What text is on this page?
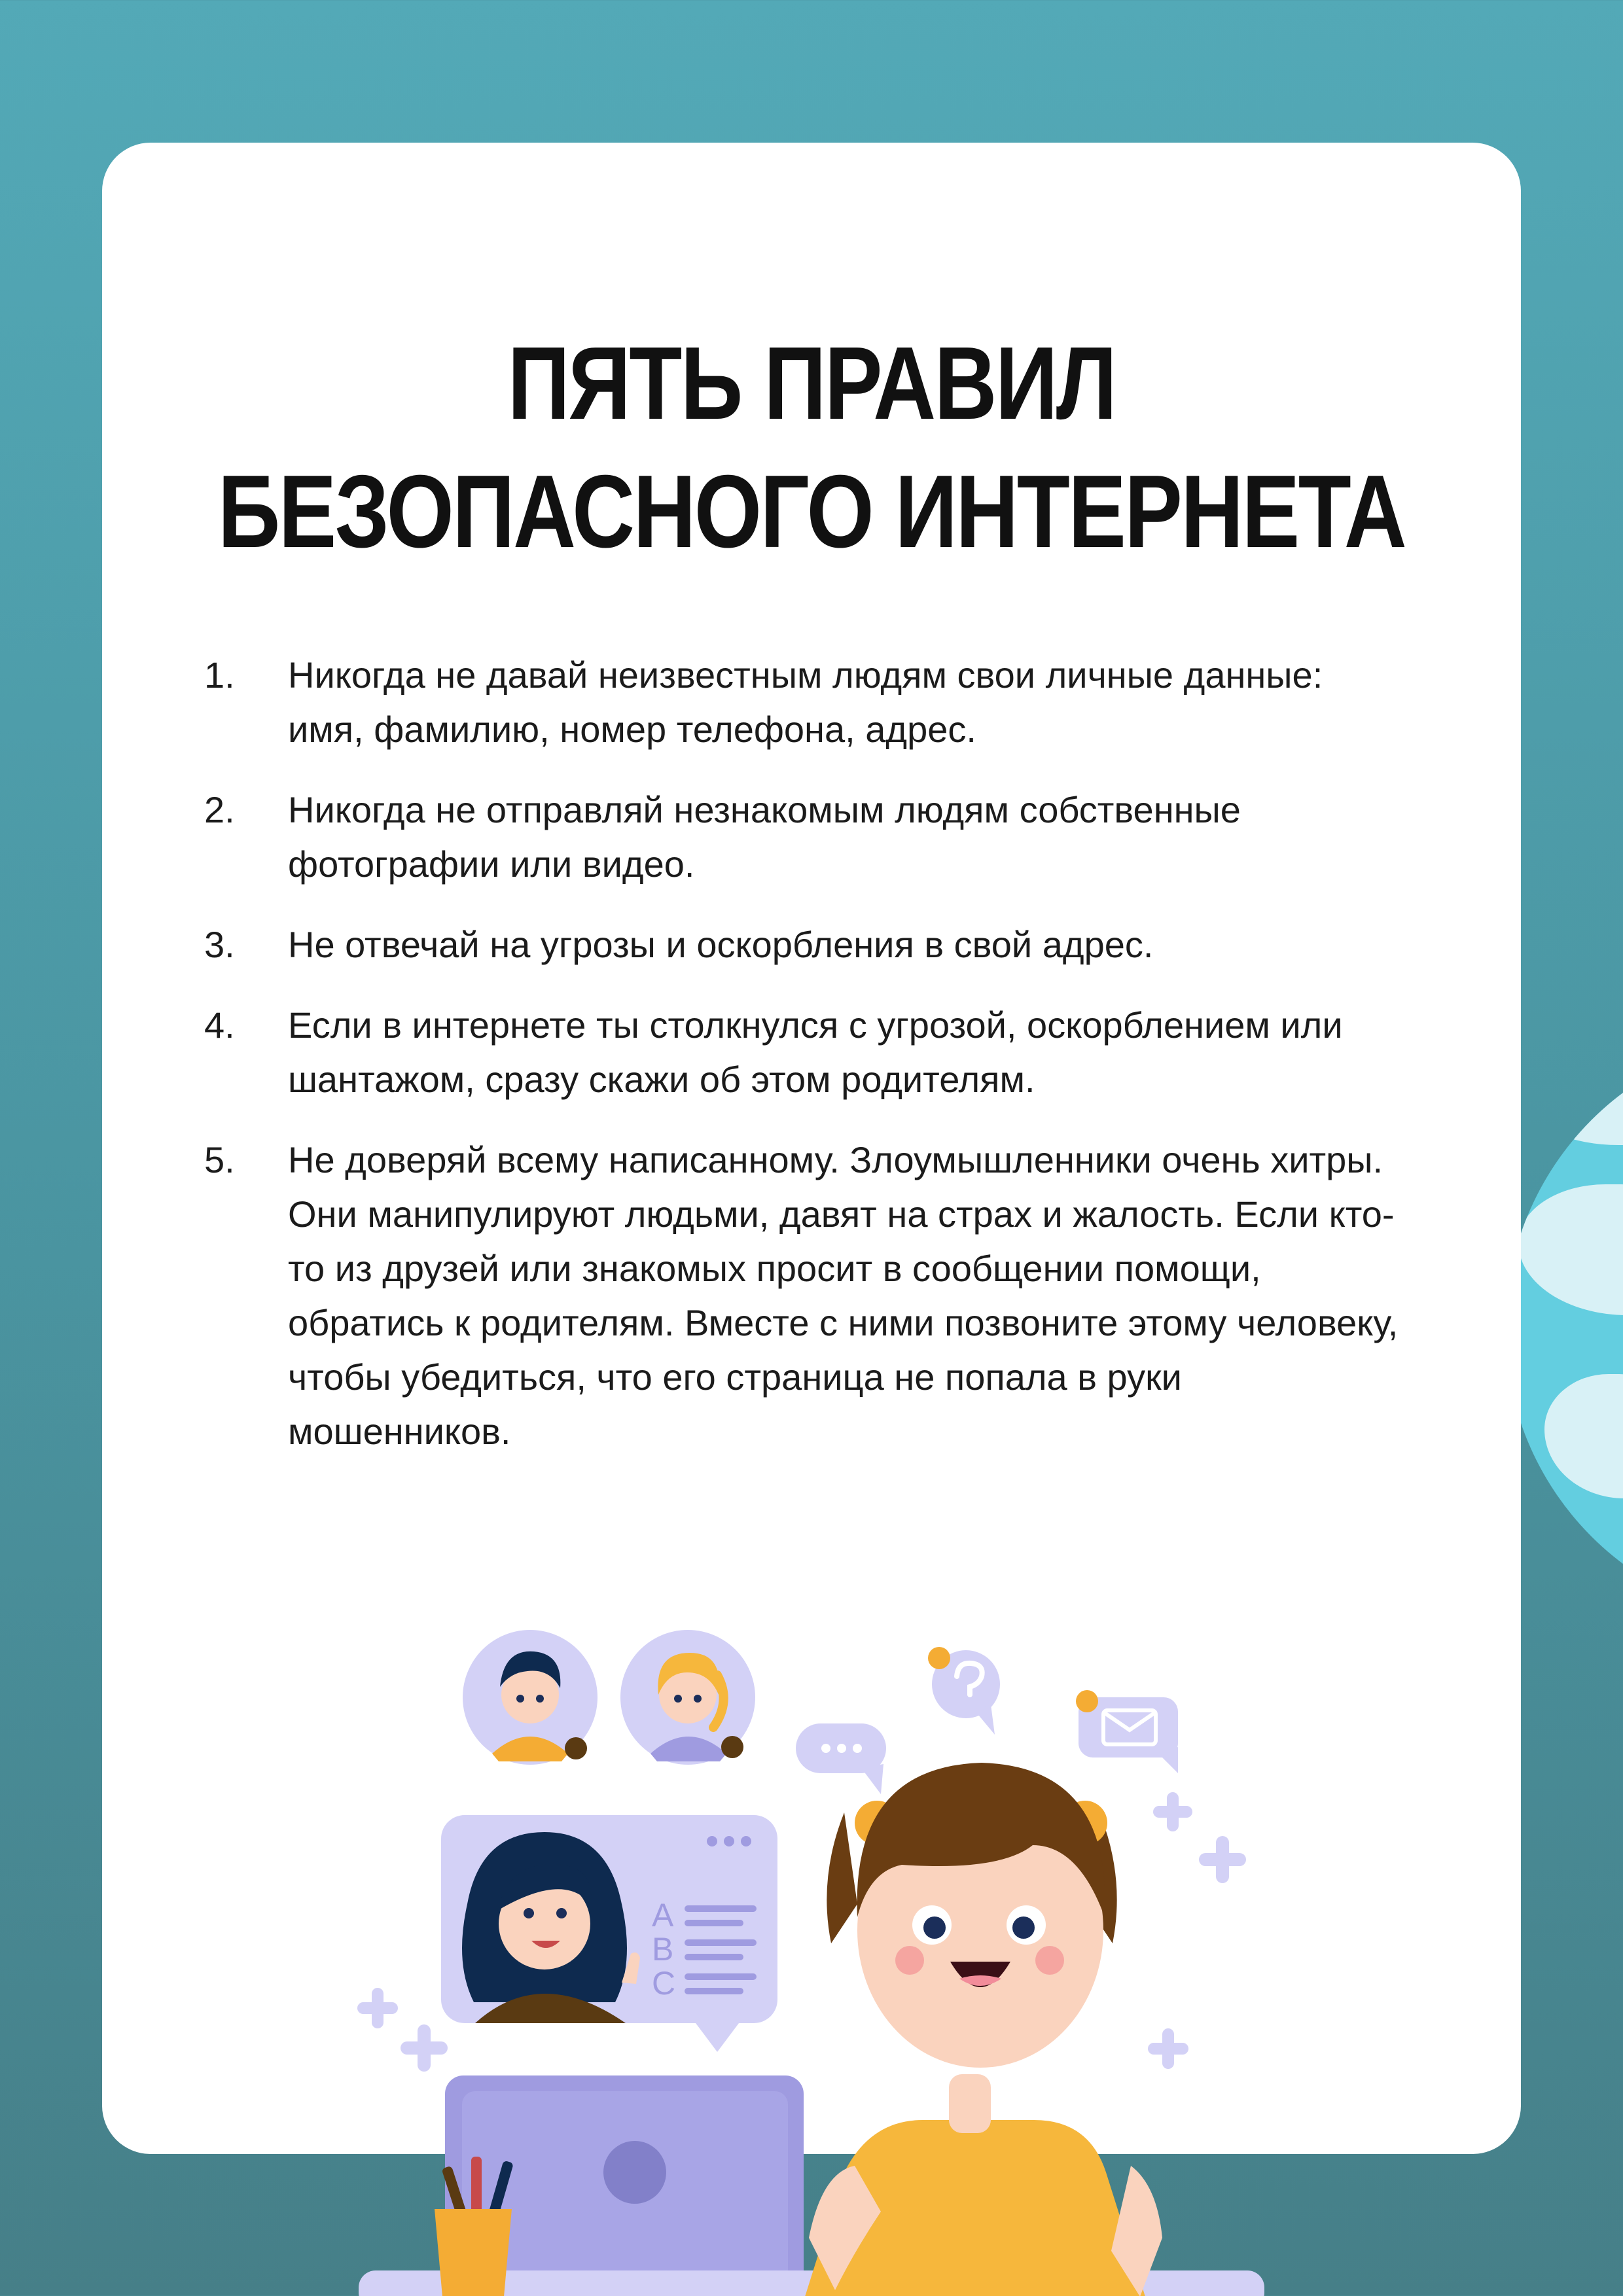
ПЯТЬ ПРАВИЛ
БЕЗОПАСНОГО ИНТЕРНЕТА
1. Никогда не давай неизвестным людям свои личные данные: имя, фамилию, номер телефона, адрес.
2. Никогда не отправляй незнакомым людям собственные фотографии или видео.
3. Не отвечай на угрозы и оскорбления в свой адрес.
4. Если в интернете ты столкнулся с угрозой, оскорблением или шантажом, сразу скажи об этом родителям.
5. Не доверяй всему написанному. Злоумышленники очень хитры. Они манипулируют людьми, давят на страх и жалость. Если кто-то из друзей или знакомых просит в сообщении помощи, обратись к родителям. Вместе с ними позвоните этому человеку, чтобы убедиться, что его страница не попала в руки мошенников.
A
B
C
